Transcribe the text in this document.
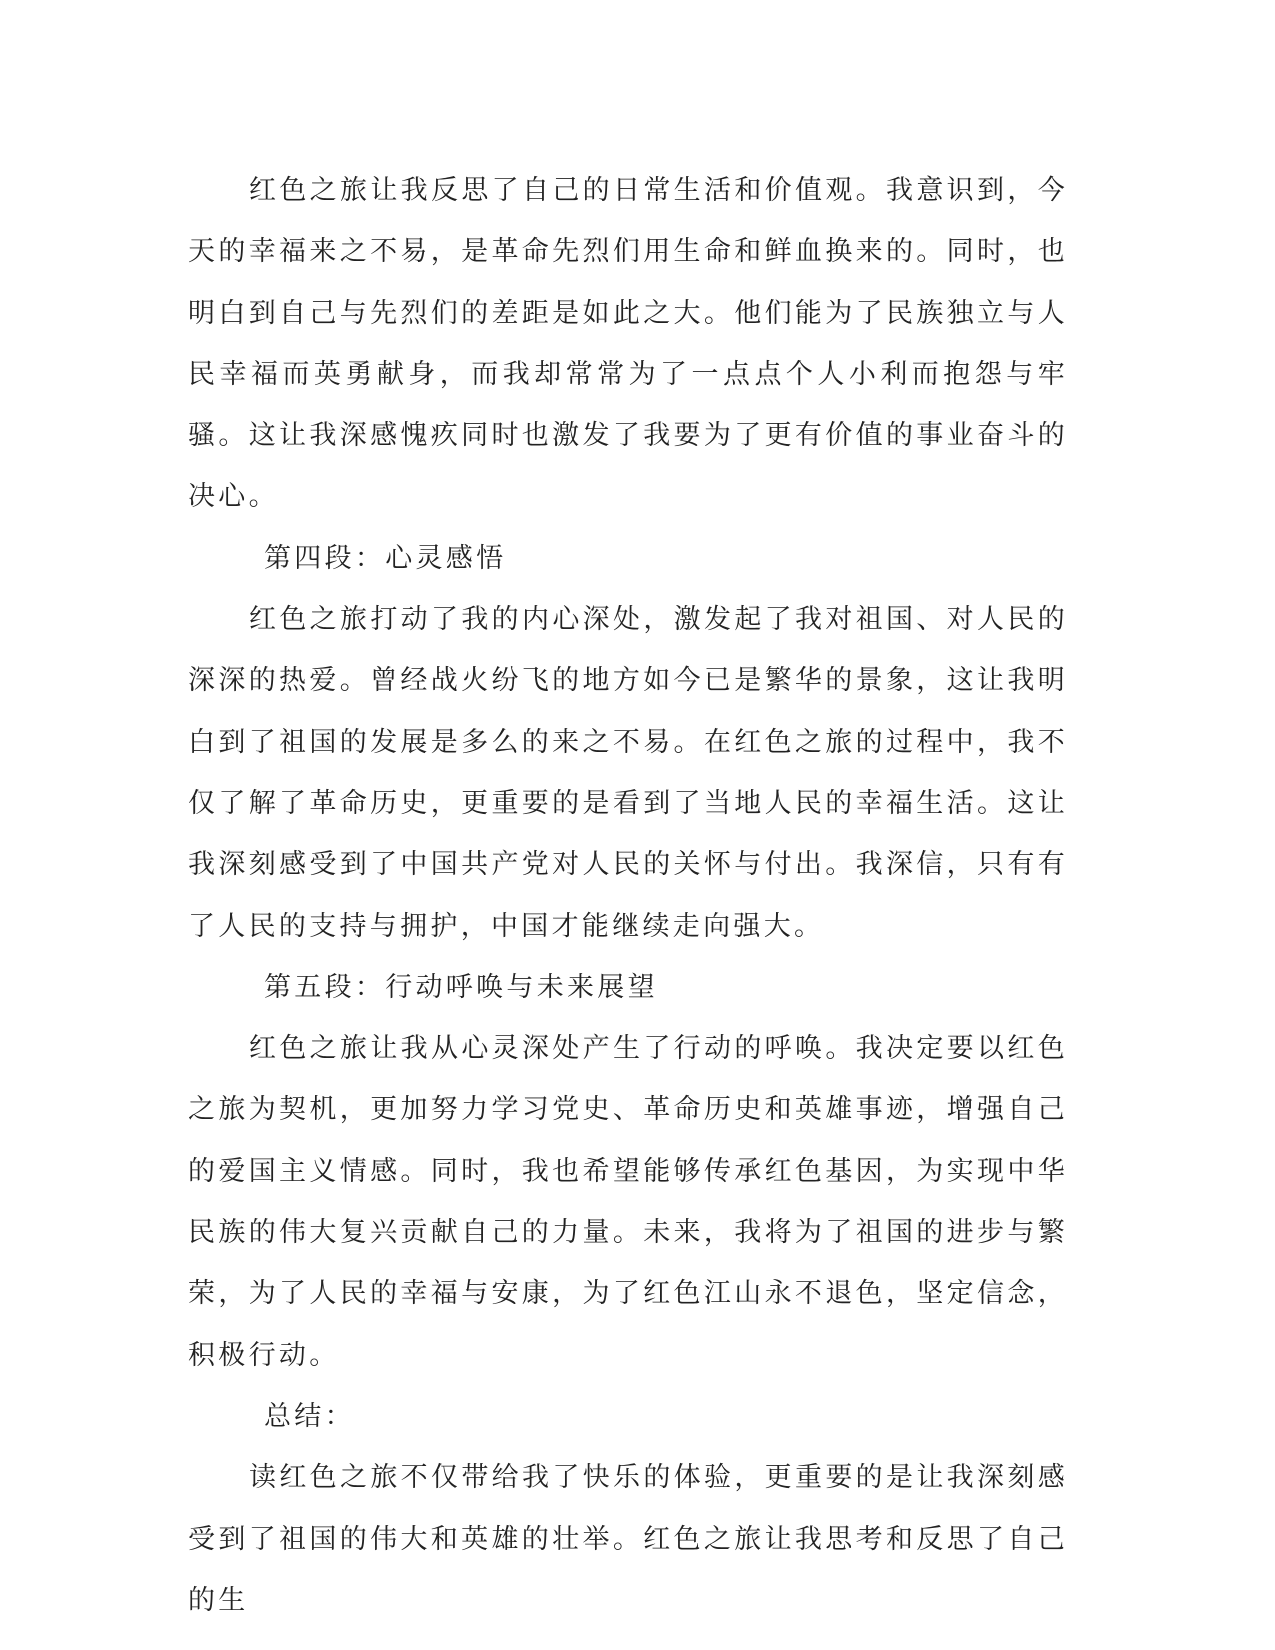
红色之旅让我反思了自己的日常生活和价值观。我意识到，今天的幸福来之不易，是革命先烈们用生命和鲜血换来的。同时，也明白到自己与先烈们的差距是如此之大。他们能为了民族独立与人民幸福而英勇献身，而我却常常为了一点点个人小利而抱怨与牢骚。这让我深感愧疚同时也激发了我要为了更有价值的事业奋斗的决心。

第四段：心灵感悟

红色之旅打动了我的内心深处，激发起了我对祖国、对人民的深深的热爱。曾经战火纷飞的地方如今已是繁华的景象，这让我明白到了祖国的发展是多么的来之不易。在红色之旅的过程中，我不仅了解了革命历史，更重要的是看到了当地人民的幸福生活。这让我深刻感受到了中国共产党对人民的关怀与付出。我深信，只有有了人民的支持与拥护，中国才能继续走向强大。

第五段：行动呼唤与未来展望

红色之旅让我从心灵深处产生了行动的呼唤。我决定要以红色之旅为契机，更加努力学习党史、革命历史和英雄事迹，增强自己的爱国主义情感。同时，我也希望能够传承红色基因，为实现中华民族的伟大复兴贡献自己的力量。未来，我将为了祖国的进步与繁荣，为了人民的幸福与安康，为了红色江山永不退色，坚定信念，积极行动。

总结：

读红色之旅不仅带给我了快乐的体验，更重要的是让我深刻感受到了祖国的伟大和英雄的壮举。红色之旅让我思考和反思了自己的生
